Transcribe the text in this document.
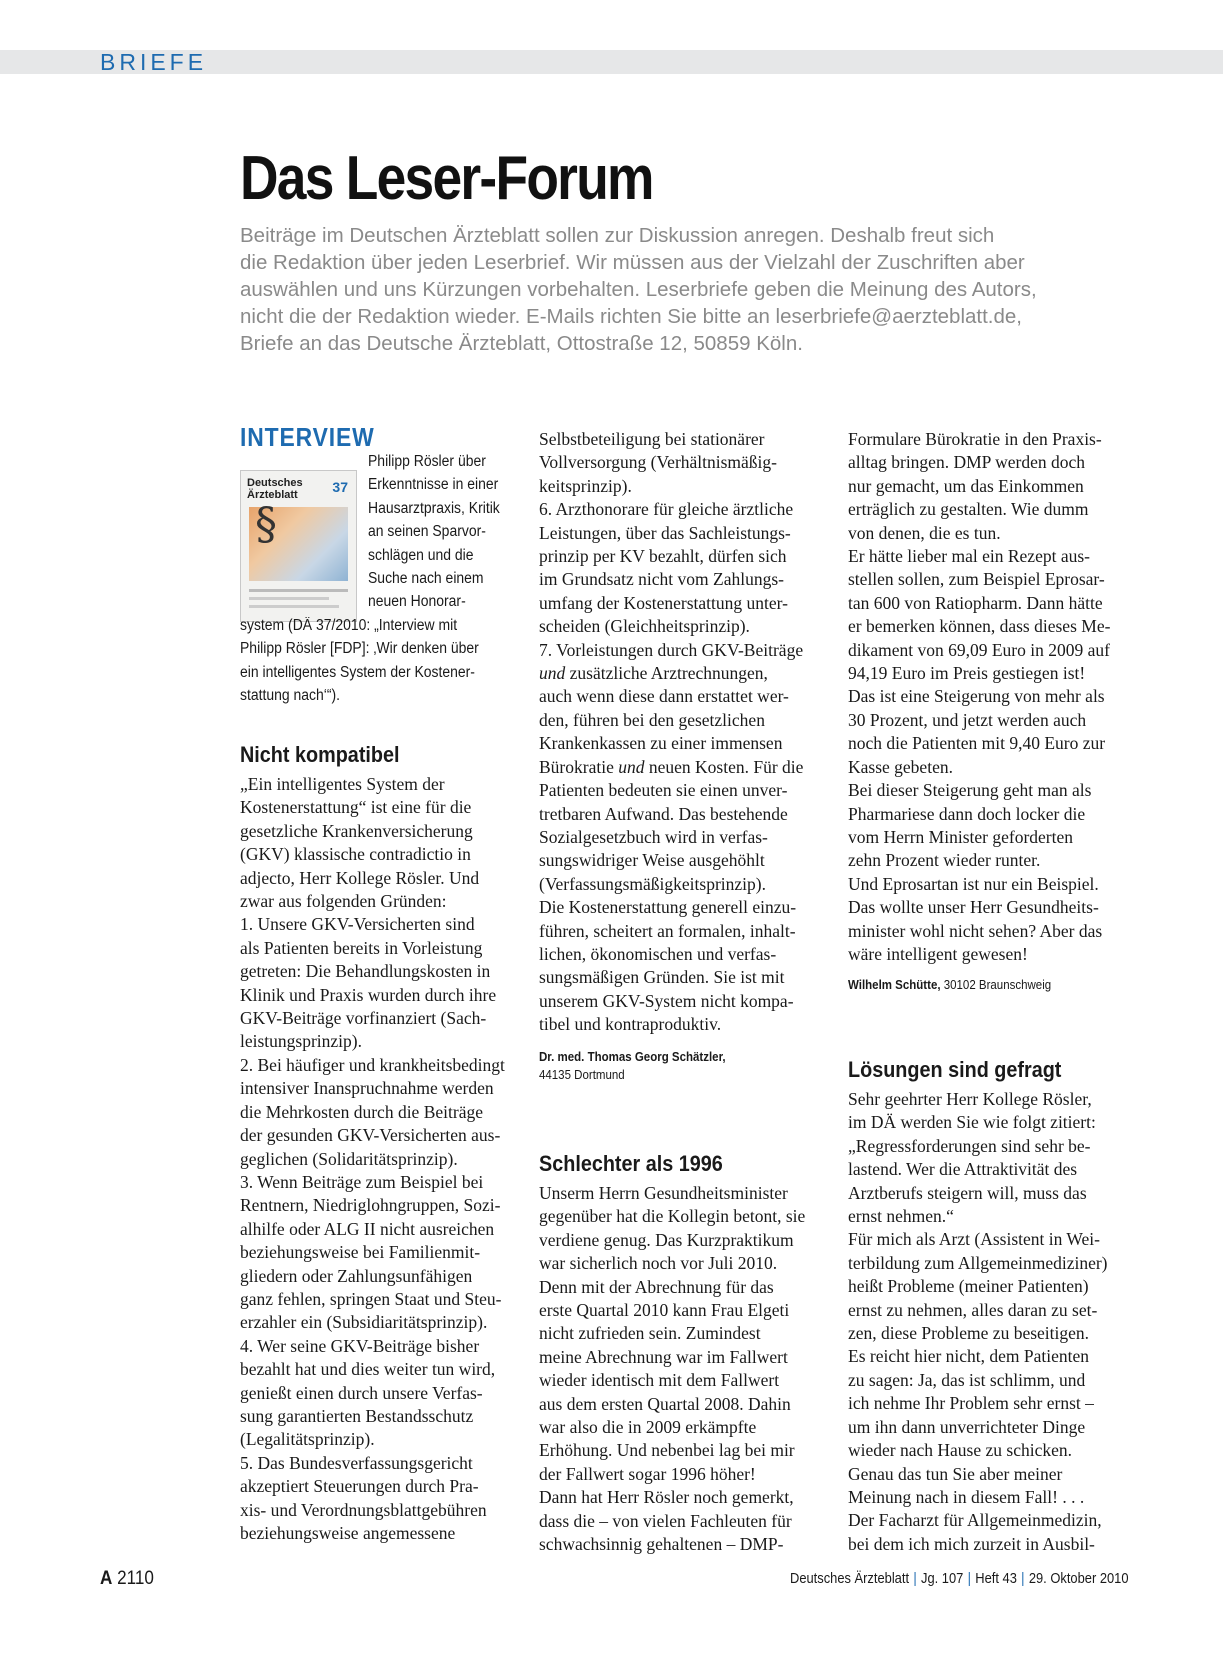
BRIEFE
Das Leser-Forum
Beiträge im Deutschen Ärzteblatt sollen zur Diskussion anregen. Deshalb freut sich
die Redaktion über jeden Leserbrief. Wir müssen aus der Vielzahl der Zuschriften aber
auswählen und uns Kürzungen vorbehalten. Leserbriefe geben die Meinung des Autors,
nicht die der Redaktion wieder. E-Mails richten Sie bitte an leserbriefe@aerzteblatt.de,
Briefe an das Deutsche Ärzteblatt, Ottostraße 12, 50859 Köln.
INTERVIEW
Deutsches
Ärzteblatt	37
§
Philipp Rösler über
Erkenntnisse in einer
Hausarztpraxis, Kritik
an seinen Sparvor-
schlägen und die
Suche nach einem
neuen Honorar-
system (DÄ 37/2010: „Interview mit
Philipp Rösler [FDP]: ‚Wir denken über
ein intelligentes System der Kostener-
stattung nach‘“).
Nicht kompatibel
„Ein intelligentes System der
Kostenerstattung“ ist eine für die
gesetzliche Krankenversicherung
(GKV) klassische contradictio in
adjecto, Herr Kollege Rösler. Und
zwar aus folgenden Gründen:
1. Unsere GKV-Versicherten sind
als Patienten bereits in Vorleistung
getreten: Die Behandlungskosten in
Klinik und Praxis wurden durch ihre
GKV-Beiträge vorfinanziert (Sach-
leistungsprinzip).
2. Bei häufiger und krankheitsbedingt
intensiver Inanspruchnahme werden
die Mehrkosten durch die Beiträge
der gesunden GKV-Versicherten aus-
geglichen (Solidaritätsprinzip).
3. Wenn Beiträge zum Beispiel bei
Rentnern, Niedriglohngruppen, Sozi-
alhilfe oder ALG II nicht ausreichen
beziehungsweise bei Familienmit-
gliedern oder Zahlungsunfähigen
ganz fehlen, springen Staat und Steu-
erzahler ein (Subsidiaritätsprinzip).
4. Wer seine GKV-Beiträge bisher
bezahlt hat und dies weiter tun wird,
genießt einen durch unsere Verfas-
sung garantierten Bestandsschutz
(Legalitätsprinzip).
5. Das Bundesverfassungsgericht
akzeptiert Steuerungen durch Pra-
xis- und Verordnungsblattgebühren
beziehungsweise angemessene
Selbstbeteiligung bei stationärer
Vollversorgung (Verhältnismäßig-
keitsprinzip).
6. Arzthonorare für gleiche ärztliche
Leistungen, über das Sachleistungs-
prinzip per KV bezahlt, dürfen sich
im Grundsatz nicht vom Zahlungs-
umfang der Kostenerstattung unter-
scheiden (Gleichheitsprinzip).
7. Vorleistungen durch GKV-Beiträge
und zusätzliche Arztrechnungen,
auch wenn diese dann erstattet wer-
den, führen bei den gesetzlichen
Krankenkassen zu einer immensen
Bürokratie und neuen Kosten. Für die
Patienten bedeuten sie einen unver-
tretbaren Aufwand. Das bestehende
Sozialgesetzbuch wird in verfas-
sungswidriger Weise ausgehöhlt
(Verfassungsmäßigkeitsprinzip).
Die Kostenerstattung generell einzu-
führen, scheitert an formalen, inhalt-
lichen, ökonomischen und verfas-
sungsmäßigen Gründen. Sie ist mit
unserem GKV-System nicht kompa-
tibel und kontraproduktiv.
Dr. med. Thomas Georg Schätzler,
44135 Dortmund
Schlechter als 1996
Unserm Herrn Gesundheitsminister
gegenüber hat die Kollegin betont, sie
verdiene genug. Das Kurzpraktikum
war sicherlich noch vor Juli 2010.
Denn mit der Abrechnung für das
erste Quartal 2010 kann Frau Elgeti
nicht zufrieden sein. Zumindest
meine Abrechnung war im Fallwert
wieder identisch mit dem Fallwert
aus dem ersten Quartal 2008. Dahin
war also die in 2009 erkämpfte
Erhöhung. Und nebenbei lag bei mir
der Fallwert sogar 1996 höher!
Dann hat Herr Rösler noch gemerkt,
dass die – von vielen Fachleuten für
schwachsinnig gehaltenen – DMP-
Formulare Bürokratie in den Praxis-
alltag bringen. DMP werden doch
nur gemacht, um das Einkommen
erträglich zu gestalten. Wie dumm
von denen, die es tun.
Er hätte lieber mal ein Rezept aus-
stellen sollen, zum Beispiel Eprosar-
tan 600 von Ratiopharm. Dann hätte
er bemerken können, dass dieses Me-
dikament von 69,09 Euro in 2009 auf
94,19 Euro im Preis gestiegen ist!
Das ist eine Steigerung von mehr als
30 Prozent, und jetzt werden auch
noch die Patienten mit 9,40 Euro zur
Kasse gebeten.
Bei dieser Steigerung geht man als
Pharmariese dann doch locker die
vom Herrn Minister geforderten
zehn Prozent wieder runter.
Und Eprosartan ist nur ein Beispiel.
Das wollte unser Herr Gesundheits-
minister wohl nicht sehen? Aber das
wäre intelligent gewesen!
Wilhelm Schütte, 30102 Braunschweig
Lösungen sind gefragt
Sehr geehrter Herr Kollege Rösler,
im DÄ werden Sie wie folgt zitiert:
„Regressforderungen sind sehr be-
lastend. Wer die Attraktivität des
Arztberufs steigern will, muss das
ernst nehmen.“
Für mich als Arzt (Assistent in Wei-
terbildung zum Allgemeinmediziner)
heißt Probleme (meiner Patienten)
ernst zu nehmen, alles daran zu set-
zen, diese Probleme zu beseitigen.
Es reicht hier nicht, dem Patienten
zu sagen: Ja, das ist schlimm, und
ich nehme Ihr Problem sehr ernst –
um ihn dann unverrichteter Dinge
wieder nach Hause zu schicken.
Genau das tun Sie aber meiner
Meinung nach in diesem Fall! . . .
Der Facharzt für Allgemeinmedizin,
bei dem ich mich zurzeit in Ausbil-
A 2110	Deutsches Ärzteblatt | Jg. 107 | Heft 43 | 29. Oktober 2010
